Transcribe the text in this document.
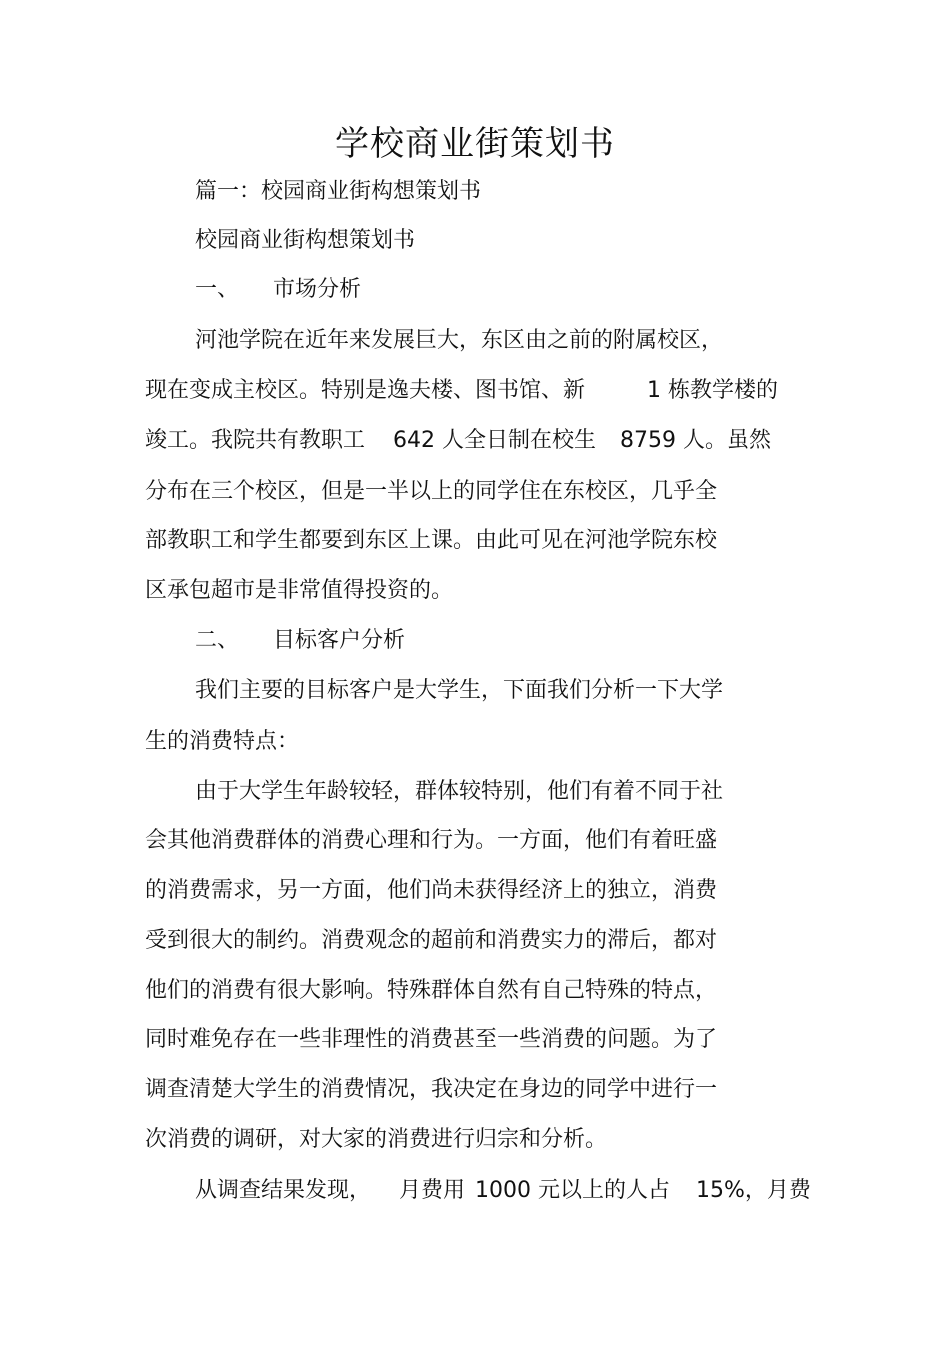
学校商业街策划书
篇一：校园商业街构想策划书
校园商业街构想策划书
一、 市场分析
河池学院在近年来发展巨大，东区由之前的附属校区，
现在变成主校区。特别是逸夫楼、图书馆、新	1 栋教学楼的
竣工。我院共有教职工 642 人全日制在校生 8759 人。虽然
分布在三个校区，但是一半以上的同学住在东校区，几乎全
部教职工和学生都要到东区上课。由此可见在河池学院东校
区承包超市是非常值得投资的。
二、 目标客户分析
我们主要的目标客户是大学生，下面我们分析一下大学
生的消费特点：
由于大学生年龄较轻，群体较特别，他们有着不同于社
会其他消费群体的消费心理和行为。一方面，他们有着旺盛
的消费需求，另一方面，他们尚未获得经济上的独立，消费
受到很大的制约。消费观念的超前和消费实力的滞后，都对
他们的消费有很大影响。特殊群体自然有自己特殊的特点，
同时难免存在一些非理性的消费甚至一些消费的问题。为了
调查清楚大学生的消费情况，我决定在身边的同学中进行一
次消费的调研，对大家的消费进行归宗和分析。
从调查结果发现， 月费用 1000 元以上的人占 15%，月费
